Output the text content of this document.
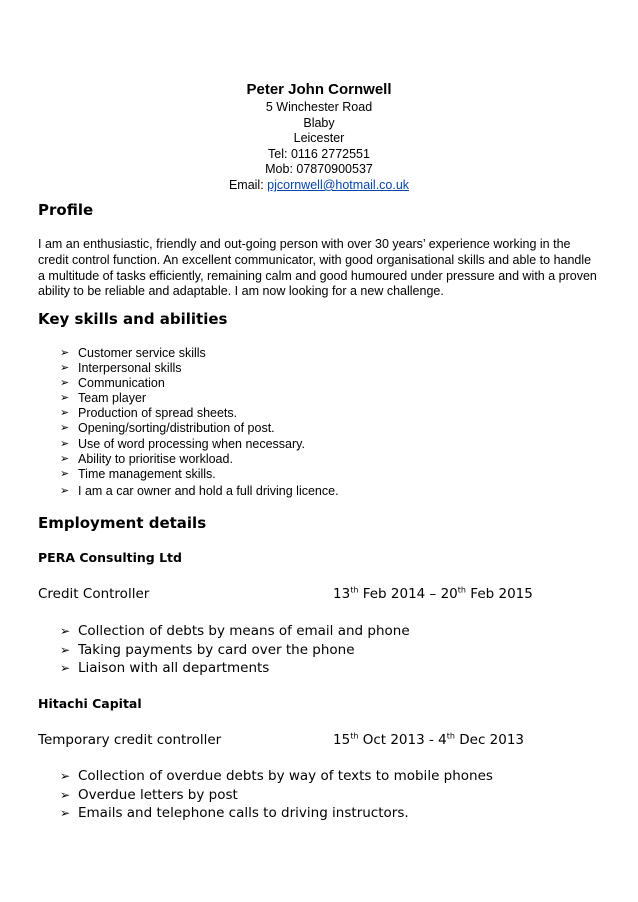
Peter John Cornwell
5 Winchester Road
Blaby
Leicester
Tel: 0116 2772551
Mob: 07870900537
Email: pjcornwell@hotmail.co.uk
Profile
I am an enthusiastic, friendly and out-going person with over 30 years’ experience working in the credit control function. An excellent communicator, with good organisational skills and able to handle a multitude of tasks efficiently, remaining calm and good humoured under pressure and with a proven ability to be reliable and adaptable. I am now looking for a new challenge.
Key skills and abilities
➢ Customer service skills
➢ Interpersonal skills
➢ Communication
➢ Team player
➢ Production of spread sheets.
➢ Opening/sorting/distribution of post.
➢ Use of word processing when necessary.
➢ Ability to prioritise workload.
➢ Time management skills.
➢ I am a car owner and hold a full driving licence.
Employment details
PERA Consulting Ltd
Credit Controller	13th Feb 2014 – 20th Feb 2015
➢ Collection of debts by means of email and phone
➢ Taking payments by card over the phone
➢ Liaison with all departments
Hitachi Capital
Temporary credit controller	15th Oct 2013 - 4th Dec 2013
➢ Collection of overdue debts by way of texts to mobile phones
➢ Overdue letters by post
➢ Emails and telephone calls to driving instructors.
